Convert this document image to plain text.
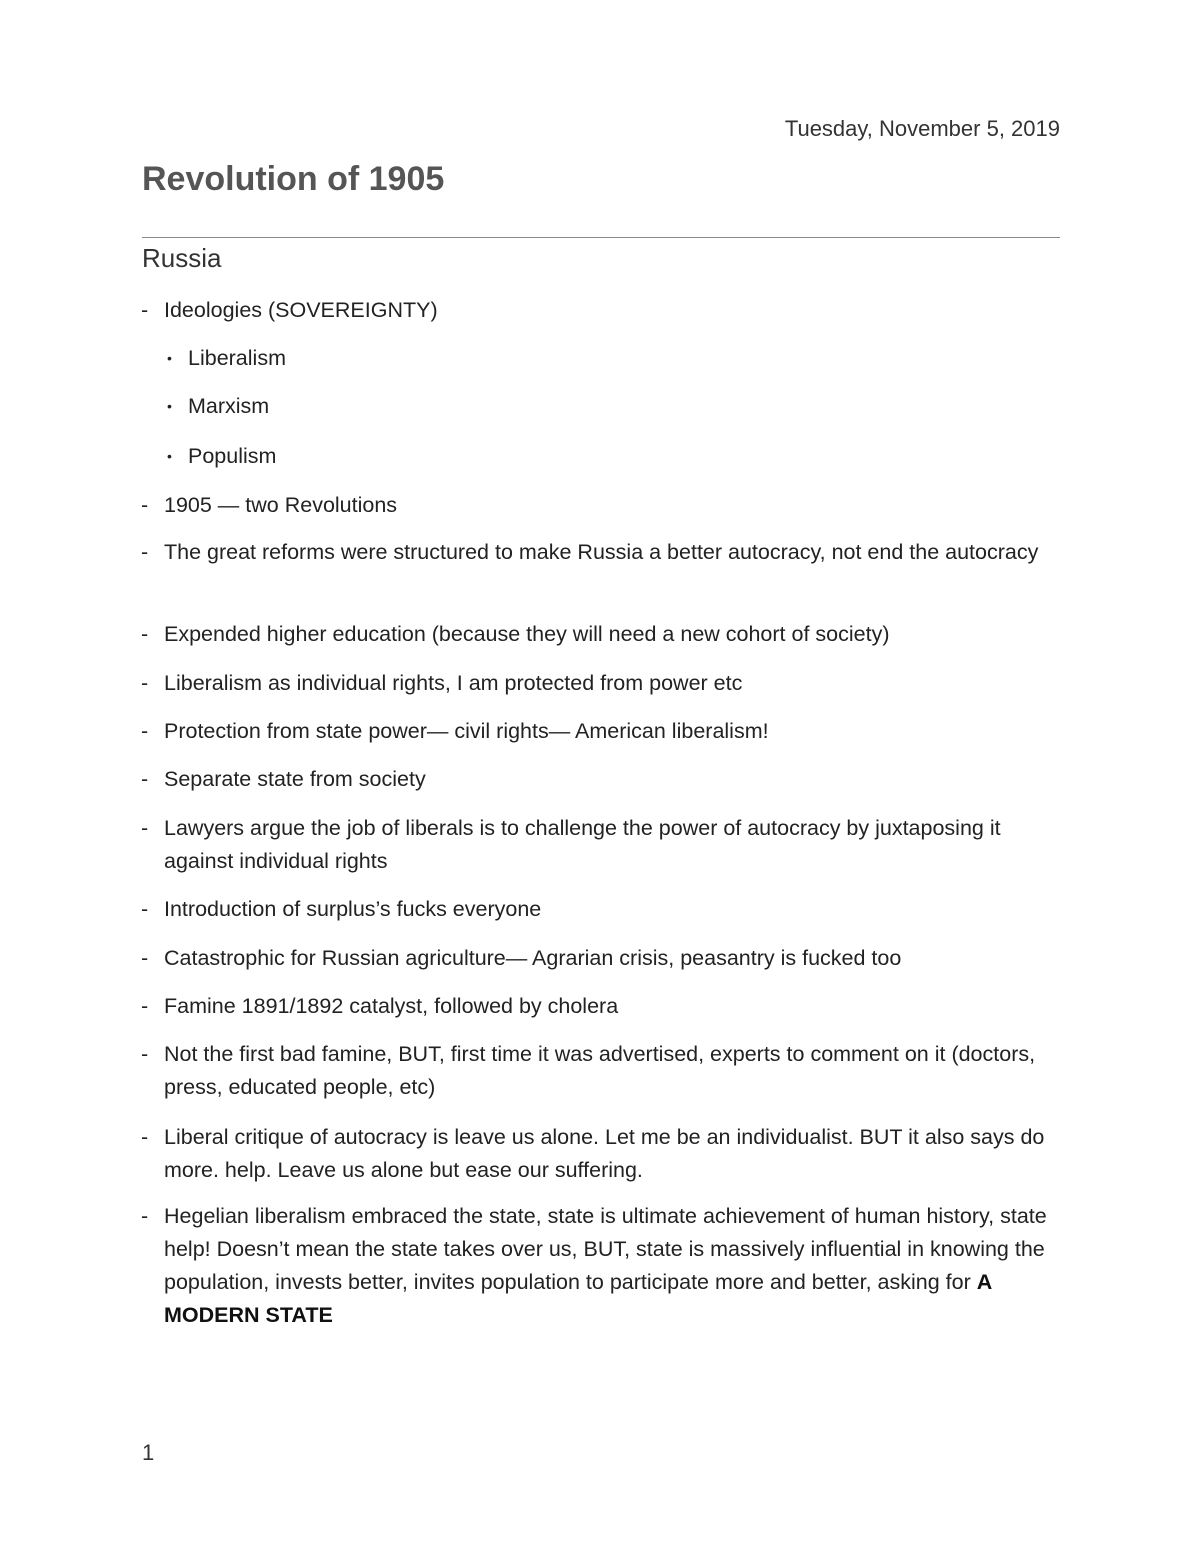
Tuesday, November 5, 2019
Revolution of 1905
Russia
- Ideologies (SOVEREIGNTY)
• Liberalism
• Marxism
• Populism
- 1905 — two Revolutions
- The great reforms were structured to make Russia a better autocracy, not end the autocracy
- Expended higher education (because they will need a new cohort of society)
- Liberalism as individual rights, I am protected from power etc
- Protection from state power— civil rights— American liberalism!
- Separate state from society
- Lawyers argue the job of liberals is to challenge the power of autocracy by juxtaposing it against individual rights
- Introduction of surplus’s fucks everyone
- Catastrophic for Russian agriculture— Agrarian crisis, peasantry is fucked too
- Famine 1891/1892 catalyst, followed by cholera
- Not the first bad famine, BUT, first time it was advertised, experts to comment on it (doctors, press, educated people, etc)
- Liberal critique of autocracy is leave us alone. Let me be an individualist. BUT it also says do more. help. Leave us alone but ease our suffering.
- Hegelian liberalism embraced the state, state is ultimate achievement of human history, state help! Doesn’t mean the state takes over us, BUT, state is massively influential in knowing the population, invests better, invites population to participate more and better, asking for A MODERN STATE
1
